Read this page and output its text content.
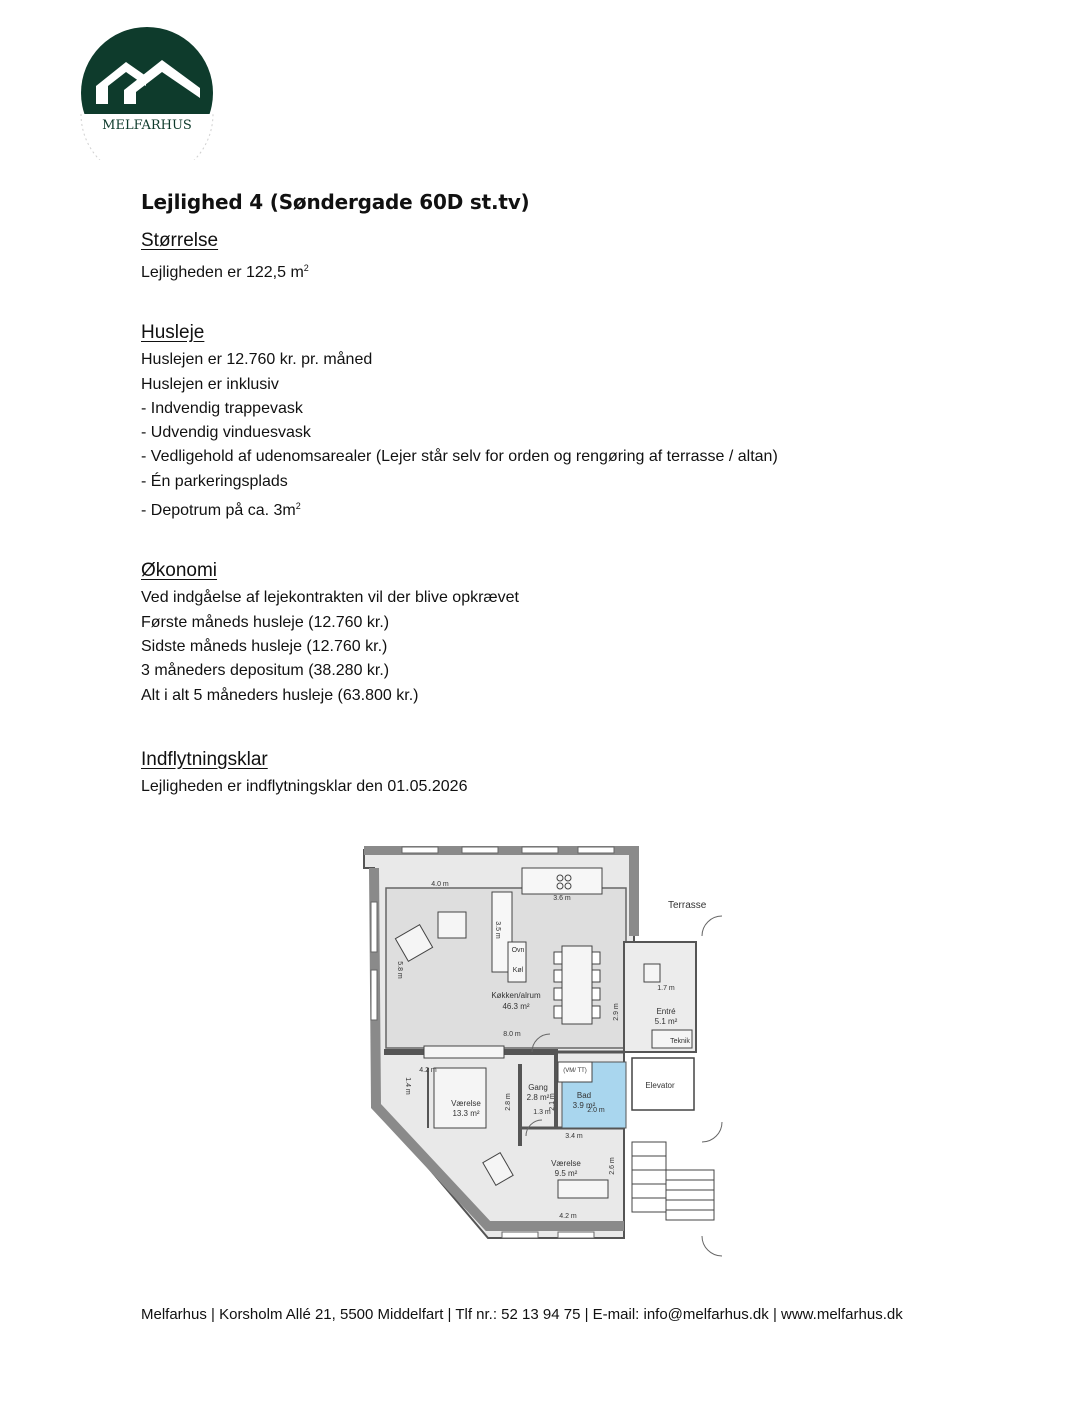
MELFARHUS
Lejlighed 4 (Søndergade 60D st.tv)
Størrelse

Lejligheden er 122,5 $m^2$

Husleje

Huslejen er 12.760 kr. pr. måned

Huslejen er inklusiv

- Indvendig trappevask

- Udvendig vinduesvask

- Vedligehold af udenomsarealer (Lejer står selv for orden og rengøring af terrasse / altan)

- Én parkeringsplads

- Depotrum på ca. $3m^2$

Økonomi

Ved indgåelse af lejekontrakten vil der blive opkrævet

Første måneds husleje (12.760 kr.)

Sidste måneds husleje (12.760 kr.)

3 måneders depositum (38.280 kr.)

Alt i alt 5 måneders husleje (63.800 kr.)

Indflytningsklar

Lejligheden er indflytningsklar den 01.05.2026

Terrasse
Køkken/alrum
46.3 m²
Entré
5.1 m²
Teknik
Elevator
Gang
2.8 m²	Bad
3.9 m²
(VM/ TT)
Værelse
13.3 m²
Værelse
9.5 m²
Ovn
Køl
4.0 m
3.6 m
3.5 m
5.8 m
2.9 m
8.0 m
1.7 m
4.2 m
3.4 m
2.8 m	2.1 m
1.3 m	2.0 m
2.6 m
4.2 m
1.4 m
Melfarhus | Korsholm Allé 21, 5500 Middelfart | Tlf nr.: 52 13 94 75 | E-mail: info@melfarhus.dk | www.melfarhus.dk
